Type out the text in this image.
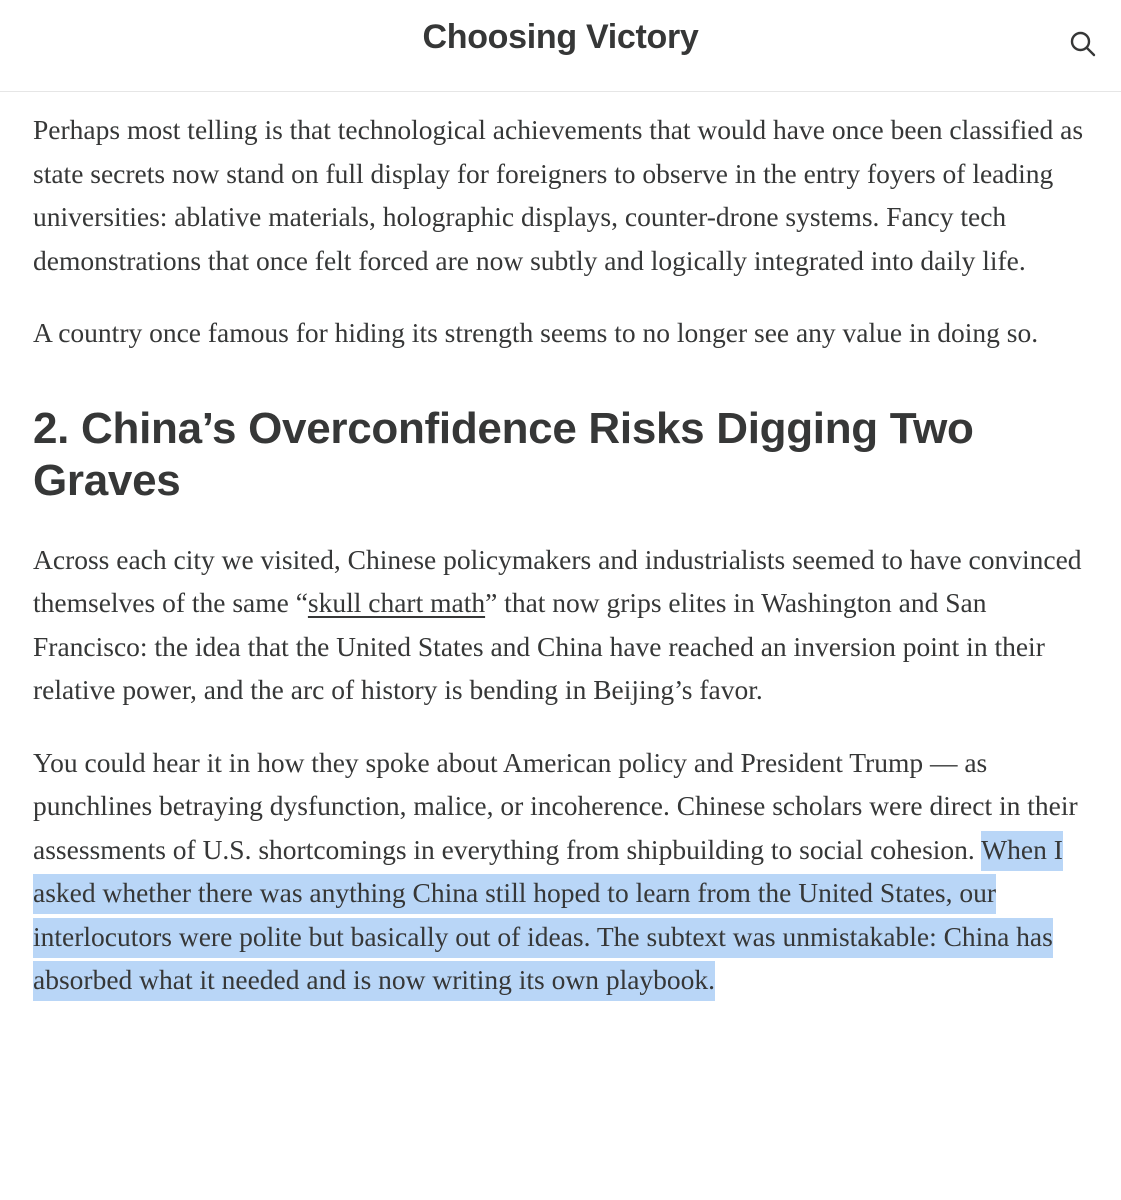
Choosing Victory

Perhaps most telling is that technological achievements that would have once been classified as state secrets now stand on full display for foreigners to observe in the entry foyers of leading universities: ablative materials, holographic displays, counter-drone systems. Fancy tech demonstrations that once felt forced are now subtly and logically integrated into daily life.

A country once famous for hiding its strength seems to no longer see any value in doing so.

2. China’s Overconfidence Risks Digging Two Graves

Across each city we visited, Chinese policymakers and industrialists seemed to have convinced themselves of the same “skull chart math” that now grips elites in Washington and San Francisco: the idea that the United States and China have reached an inversion point in their relative power, and the arc of history is bending in Beijing’s favor.

You could hear it in how they spoke about American policy and President Trump — as punchlines betraying dysfunction, malice, or incoherence. Chinese scholars were direct in their assessments of U.S. shortcomings in everything from shipbuilding to social cohesion. When I asked whether there was anything China still hoped to learn from the United States, our interlocutors were polite but basically out of ideas. The subtext was unmistakable: China has absorbed what it needed and is now writing its own playbook.
